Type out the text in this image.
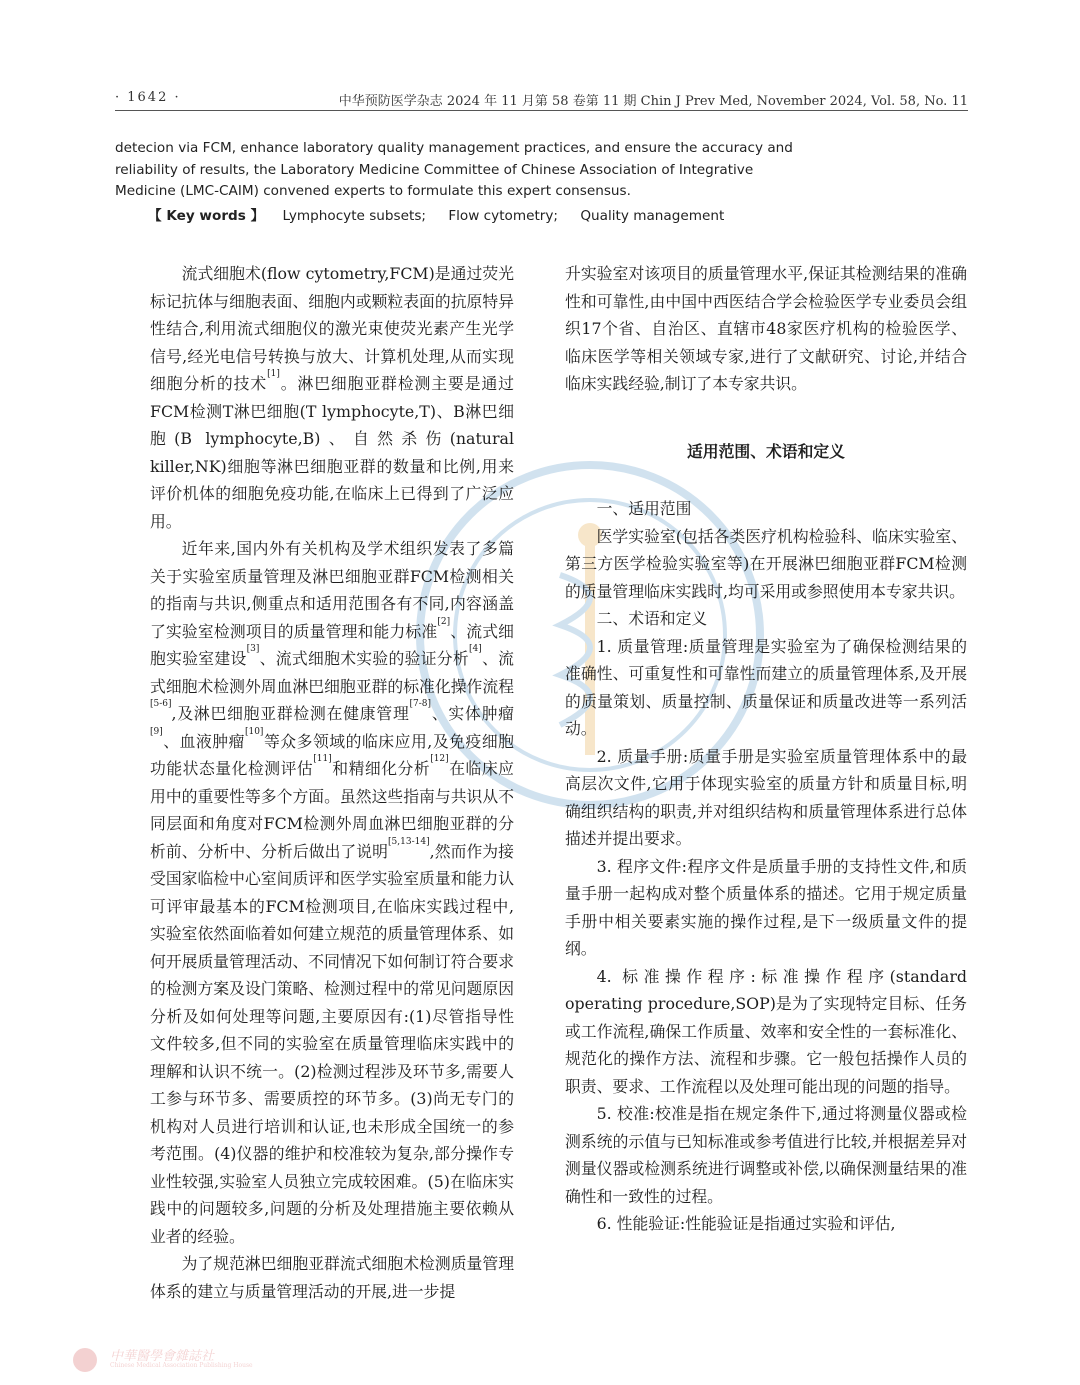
· 1642 ·	中华预防医学杂志 2024 年 11 月第 58 卷第 11 期 Chin J Prev Med, November 2024, Vol. 58, No. 11

detecion via FCM, enhance laboratory quality management practices, and ensure the accuracy and

reliability of results, the Laboratory Medicine Committee of Chinese Association of Integrative

Medicine (LMC-CAIM) convened experts to formulate this expert consensus.

【 Key words 】 Lymphocyte subsets; Flow cytometry; Quality management

流式细胞术(flow cytometry,FCM)是通过荧光标记抗体与细胞表面、细胞内或颗粒表面的抗原特异性结合,利用流式细胞仪的激光束使荧光素产生光学信号,经光电信号转换与放大、计算机处理,从而实现细胞分析的技术[1]。淋巴细胞亚群检测主要是通过FCM检测T淋巴细胞(T lymphocyte,T)、B淋巴细胞(B lymphocyte,B)、自然杀伤(natural killer,NK)细胞等淋巴细胞亚群的数量和比例,用来评价机体的细胞免疫功能,在临床上已得到了广泛应用。

近年来,国内外有关机构及学术组织发表了多篇关于实验室质量管理及淋巴细胞亚群FCM检测相关的指南与共识,侧重点和适用范围各有不同,内容涵盖了实验室检测项目的质量管理和能力标准[2]、流式细胞实验室建设[3]、流式细胞术实验的验证分析[4]、流式细胞术检测外周血淋巴细胞亚群的标准化操作流程[5-6],及淋巴细胞亚群检测在健康管理[7-8]、实体肿瘤[9]、血液肿瘤[10]等众多领域的临床应用,及免疫细胞功能状态量化检测评估[11]和精细化分析[12]在临床应用中的重要性等多个方面。虽然这些指南与共识从不同层面和角度对FCM检测外周血淋巴细胞亚群的分析前、分析中、分析后做出了说明[5,13-14],然而作为接受国家临检中心室间质评和医学实验室质量和能力认可评审最基本的FCM检测项目,在临床实践过程中,实验室依然面临着如何建立规范的质量管理体系、如何开展质量管理活动、不同情况下如何制订符合要求的检测方案及设门策略、检测过程中的常见问题原因分析及如何处理等问题,主要原因有:(1)尽管指导性文件较多,但不同的实验室在质量管理临床实践中的理解和认识不统一。(2)检测过程涉及环节多,需要人工参与环节多、需要质控的环节多。(3)尚无专门的机构对人员进行培训和认证,也未形成全国统一的参考范围。(4)仪器的维护和校准较为复杂,部分操作专业性较强,实验室人员独立完成较困难。(5)在临床实践中的问题较多,问题的分析及处理措施主要依赖从业者的经验。

为了规范淋巴细胞亚群流式细胞术检测质量管理体系的建立与质量管理活动的开展,进一步提

升实验室对该项目的质量管理水平,保证其检测结果的准确性和可靠性,由中国中西医结合学会检验医学专业委员会组织17个省、自治区、直辖市48家医疗机构的检验医学、临床医学等相关领域专家,进行了文献研究、讨论,并结合临床实践经验,制订了本专家共识。

适用范围、术语和定义

一、适用范围

医学实验室(包括各类医疗机构检验科、临床实验室、第三方医学检验实验室等)在开展淋巴细胞亚群FCM检测的质量管理临床实践时,均可采用或参照使用本专家共识。

二、术语和定义

1. 质量管理:质量管理是实验室为了确保检测结果的准确性、可重复性和可靠性而建立的质量管理体系,及开展的质量策划、质量控制、质量保证和质量改进等一系列活动。

2. 质量手册:质量手册是实验室质量管理体系中的最高层次文件,它用于体现实验室的质量方针和质量目标,明确组织结构的职责,并对组织结构和质量管理体系进行总体描述并提出要求。

3. 程序文件:程序文件是质量手册的支持性文件,和质量手册一起构成对整个质量体系的描述。它用于规定质量手册中相关要素实施的操作过程,是下一级质量文件的提纲。

4. 标准操作程序:标准操作程序(standard operating procedure,SOP)是为了实现特定目标、任务或工作流程,确保工作质量、效率和安全性的一套标准化、规范化的操作方法、流程和步骤。它一般包括操作人员的职责、要求、工作流程以及处理可能出现的问题的指导。

5. 校准:校准是指在规定条件下,通过将测量仪器或检测系统的示值与已知标准或参考值进行比较,并根据差异对测量仪器或检测系统进行调整或补偿,以确保测量结果的准确性和一致性的过程。

6. 性能验证:性能验证是指通过实验和评估,

中華醫學會雜誌社
Chinese Medical Association Publishing House
